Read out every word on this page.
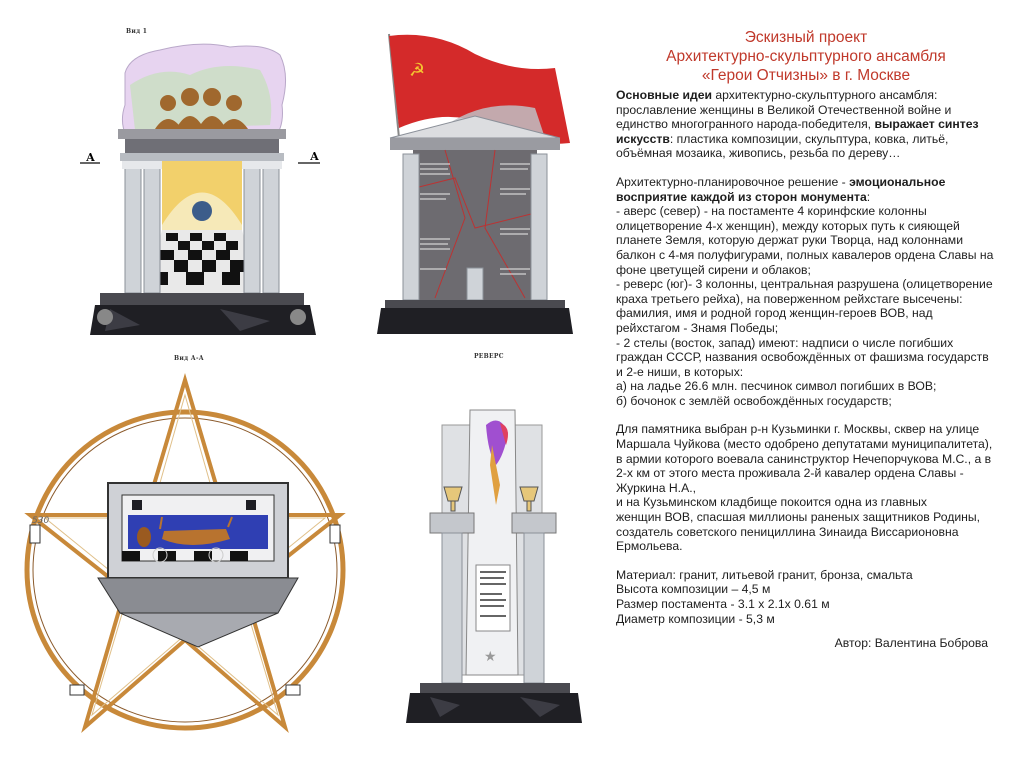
Вид 1
А	А
☭
РЕВЕРС
Вид А-А
530
★
Эскизный проект
Архитектурно-скульптурного ансамбля
«Герои Отчизны» в г. Москве

Основные идеи архитектурно-скульптурного ансамбля: прославление женщины в Великой Отечественной войне и единство многогранного народа-победителя, выражает синтез искусств: пластика композиции, скульптура, ковка, литьё, объёмная мозаика, живопись, резьба по дереву…

Архитектурно-планировочное решение - эмоциональное восприятие каждой из сторон монумента:

- аверс (север) - на постаменте 4 коринфские колонны олицетворение 4-х женщин), между которых путь к сияющей планете Земля, которую держат руки Творца, над колоннами балкон с 4-мя полуфигурами, полных кавалеров ордена Славы на фоне цветущей сирени и облаков;

- реверс (юг)- 3 колонны, центральная разрушена (олицетворение краха третьего рейха), на поверженном рейхстаге высечены: фамилия, имя и родной город женщин-героев ВОВ, над рейхстагом - Знамя Победы;

- 2 стелы (восток, запад) имеют: надписи о числе погибших граждан СССР, названия освобождённых от фашизма государств и 2-е ниши, в которых:

а) на ладье 26.6 млн. песчинок символ погибших в ВОВ;

б) бочонок с землёй освобождённых государств;

Для памятника выбран р-н Кузьминки г. Москвы, сквер на улице Маршала Чуйкова (место одобрено депутатами муниципалитета), в армии которого воевала санинструктор Нечепорчукова М.С., а в 2-х км от этого места проживала 2-й кавалер ордена Славы - Журкина Н.А.,
и на Кузьминском кладбище покоится одна из главных
женщин ВОВ, спасшая миллионы раненых защитников Родины, создатель советского пенициллина Зинаида Виссарионовна Ермольева.

Материал: гранит, литьевой гранит, бронза, смальта

Высота композиции – 4,5 м

Размер постамента - 3.1 х 2.1х 0.61 м

Диаметр композиции - 5,3 м

Автор: Валентина Боброва
